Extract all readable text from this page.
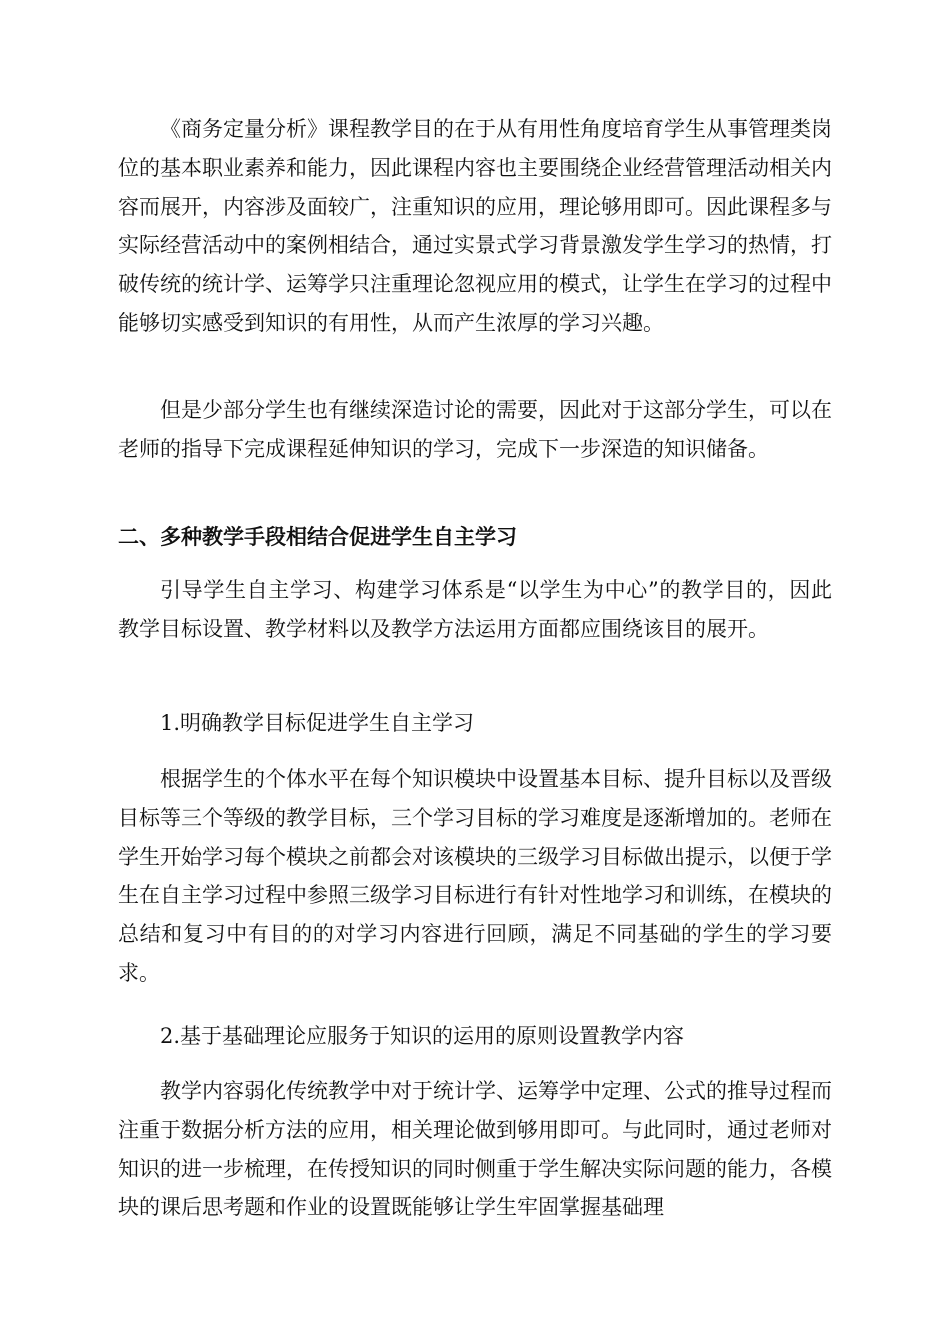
《商务定量分析》课程教学目的在于从有用性角度培育学生从事管理类岗位的基本职业素养和能力，因此课程内容也主要围绕企业经营管理活动相关内容而展开，内容涉及面较广，注重知识的应用，理论够用即可。因此课程多与实际经营活动中的案例相结合，通过实景式学习背景激发学生学习的热情，打破传统的统计学、运筹学只注重理论忽视应用的模式，让学生在学习的过程中能够切实感受到知识的有用性，从而产生浓厚的学习兴趣。

但是少部分学生也有继续深造讨论的需要，因此对于这部分学生，可以在老师的指导下完成课程延伸知识的学习，完成下一步深造的知识储备。

二、多种教学手段相结合促进学生自主学习

引导学生自主学习、构建学习体系是“以学生为中心”的教学目的，因此教学目标设置、教学材料以及教学方法运用方面都应围绕该目的展开。

1.明确教学目标促进学生自主学习

根据学生的个体水平在每个知识模块中设置基本目标、提升目标以及晋级目标等三个等级的教学目标，三个学习目标的学习难度是逐渐增加的。老师在学生开始学习每个模块之前都会对该模块的三级学习目标做出提示，以便于学生在自主学习过程中参照三级学习目标进行有针对性地学习和训练，在模块的总结和复习中有目的的对学习内容进行回顾，满足不同基础的学生的学习要求。

2.基于基础理论应服务于知识的运用的原则设置教学内容

教学内容弱化传统教学中对于统计学、运筹学中定理、公式的推导过程而注重于数据分析方法的应用，相关理论做到够用即可。与此同时，通过老师对知识的进一步梳理，在传授知识的同时侧重于学生解决实际问题的能力，各模块的课后思考题和作业的设置既能够让学生牢固掌握基础理
